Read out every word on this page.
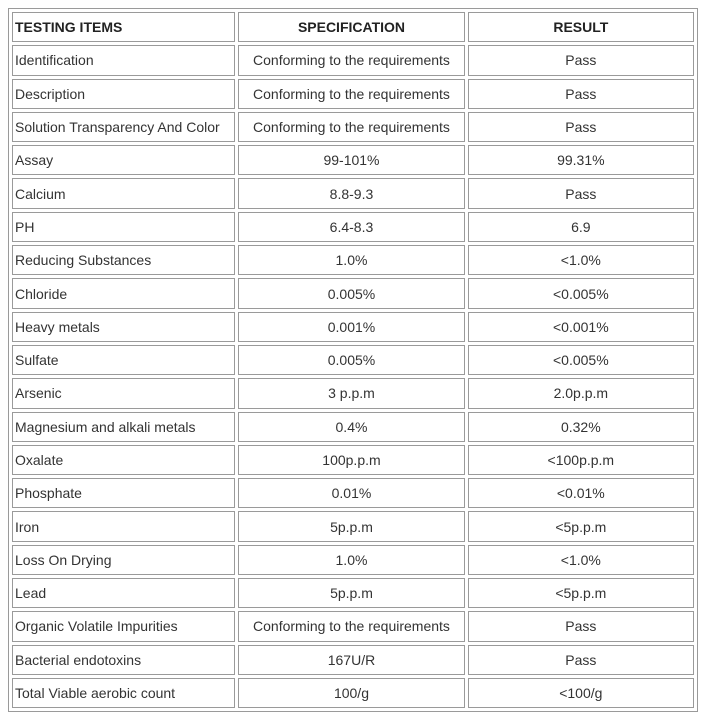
TESTING ITEMS	SPECIFICATION	RESULT
Identification	Conforming to the requirements	Pass
Description	Conforming to the requirements	Pass
Solution Transparency And Color	Conforming to the requirements	Pass
Assay	99-101%	99.31%
Calcium	8.8-9.3	Pass
PH	6.4-8.3	6.9
Reducing Substances	1.0%	<1.0%
Chloride	0.005%	<0.005%
Heavy metals	0.001%	<0.001%
Sulfate	0.005%	<0.005%
Arsenic	3 p.p.m	2.0p.p.m
Magnesium and alkali metals	0.4%	0.32%
Oxalate	100p.p.m	<100p.p.m
Phosphate	0.01%	<0.01%
Iron	5p.p.m	<5p.p.m
Loss On Drying	1.0%	<1.0%
Lead	5p.p.m	<5p.p.m
Organic Volatile Impurities	Conforming to the requirements	Pass
Bacterial endotoxins	167U/R	Pass
Total Viable aerobic count	100/g	<100/g
